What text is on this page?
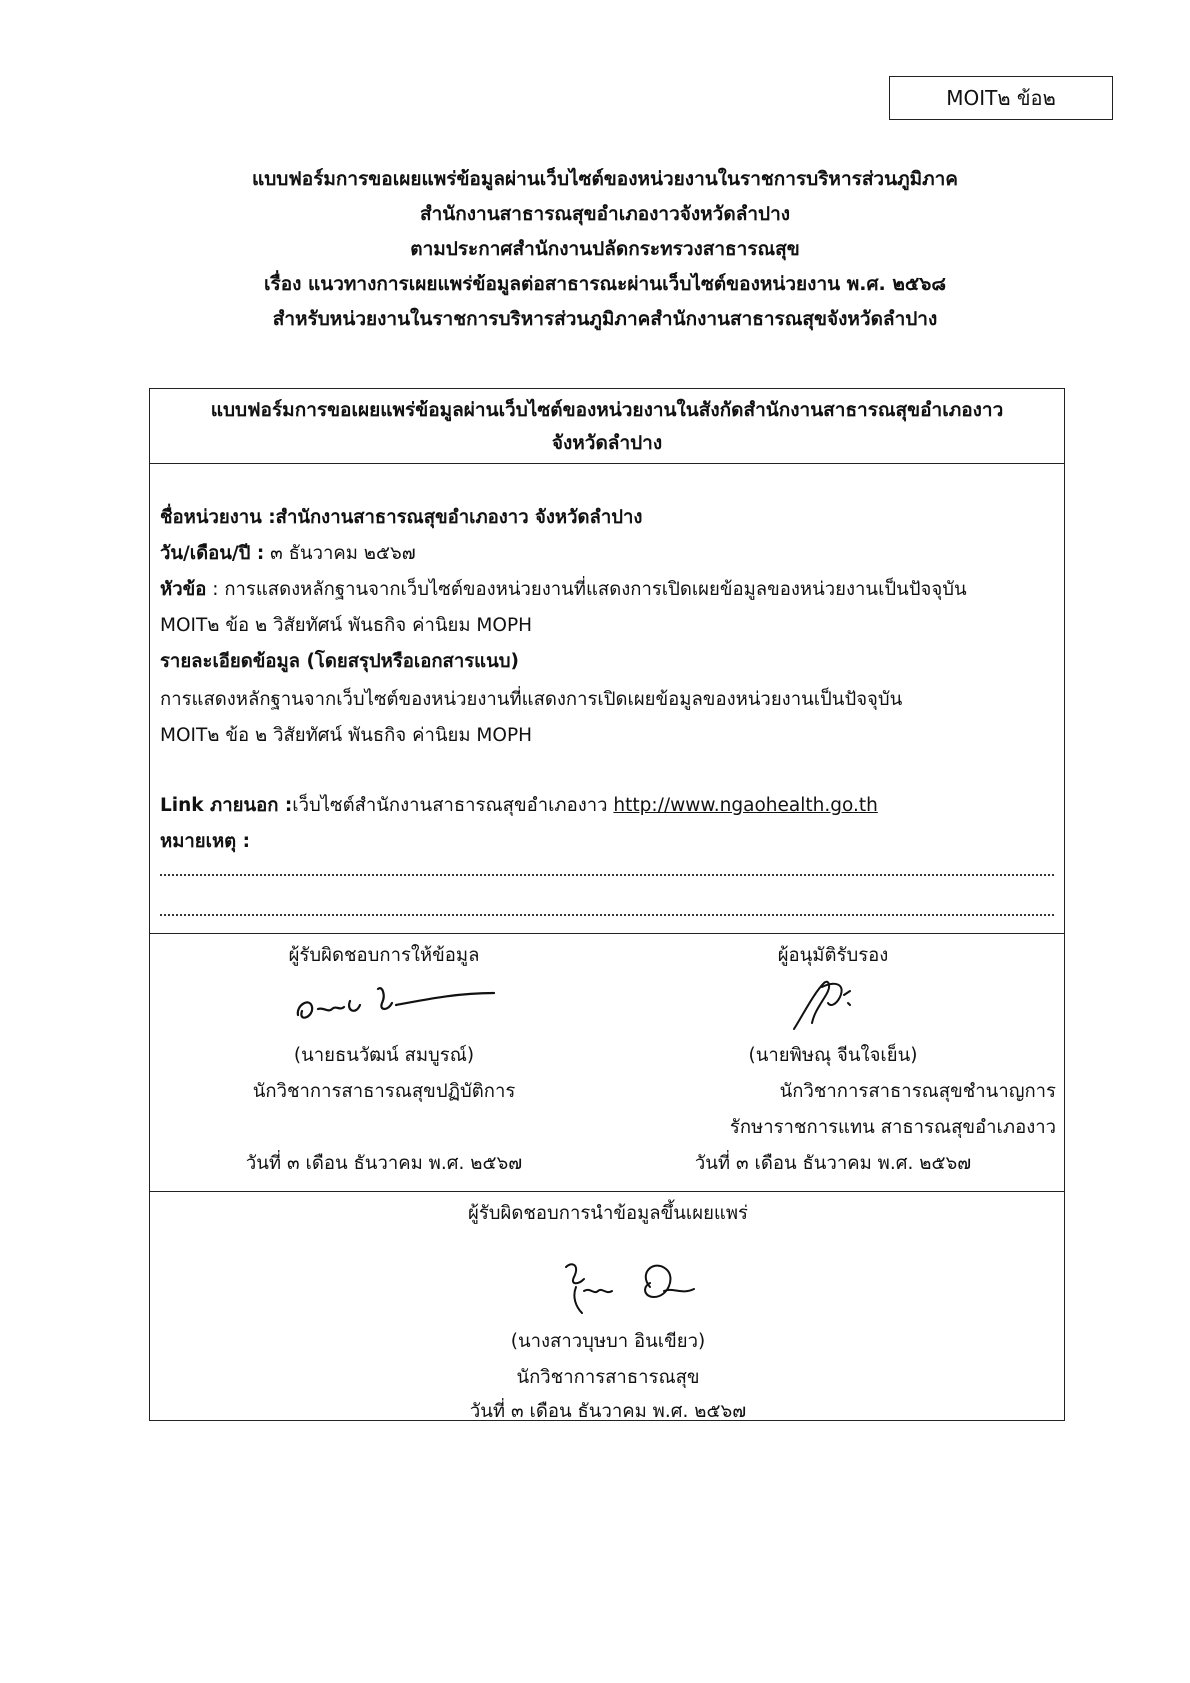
MOIT๒ ข้อ๒
แบบฟอร์มการขอเผยแพร่ข้อมูลผ่านเว็บไซต์ของหน่วยงานในราชการบริหารส่วนภูมิภาค
สำนักงานสาธารณสุขอำเภองาวจังหวัดลำปาง
ตามประกาศสำนักงานปลัดกระทรวงสาธารณสุข
เรื่อง แนวทางการเผยแพร่ข้อมูลต่อสาธารณะผ่านเว็บไซต์ของหน่วยงาน พ.ศ. ๒๕๖๘
สำหรับหน่วยงานในราชการบริหารส่วนภูมิภาคสำนักงานสาธารณสุขจังหวัดลำปาง
แบบฟอร์มการขอเผยแพร่ข้อมูลผ่านเว็บไซต์ของหน่วยงานในสังกัดสำนักงานสาธารณสุขอำเภองาว
จังหวัดลำปาง
ชื่อหน่วยงาน :สำนักงานสาธารณสุขอำเภองาว จังหวัดลำปาง
วัน/เดือน/ปี : ๓ ธันวาคม ๒๕๖๗
หัวข้อ : การแสดงหลักฐานจากเว็บไซต์ของหน่วยงานที่แสดงการเปิดเผยข้อมูลของหน่วยงานเป็นปัจจุบัน
MOIT๒ ข้อ ๒ วิสัยทัศน์ พันธกิจ ค่านิยม MOPH
รายละเอียดข้อมูล (โดยสรุปหรือเอกสารแนบ)
การแสดงหลักฐานจากเว็บไซต์ของหน่วยงานที่แสดงการเปิดเผยข้อมูลของหน่วยงานเป็นปัจจุบัน
MOIT๒ ข้อ ๒ วิสัยทัศน์ พันธกิจ ค่านิยม MOPH
Link ภายนอก :เว็บไซต์สำนักงานสาธารณสุขอำเภองาว http://www.ngaohealth.go.th
หมายเหตุ :
ผู้รับผิดชอบการให้ข้อมูล
(นายธนวัฒน์ สมบูรณ์)
นักวิชาการสาธารณสุขปฏิบัติการ
วันที่ ๓ เดือน ธันวาคม พ.ศ. ๒๕๖๗
ผู้อนุมัติรับรอง
(นายพิษณุ จีนใจเย็น)
นักวิชาการสาธารณสุขชำนาญการ
รักษาราชการแทน สาธารณสุขอำเภองาว
วันที่ ๓ เดือน ธันวาคม พ.ศ. ๒๕๖๗
ผู้รับผิดชอบการนำข้อมูลขึ้นเผยแพร่
(นางสาวบุษบา อินเขียว)
นักวิชาการสาธารณสุข
วันที่ ๓ เดือน ธันวาคม พ.ศ. ๒๕๖๗
